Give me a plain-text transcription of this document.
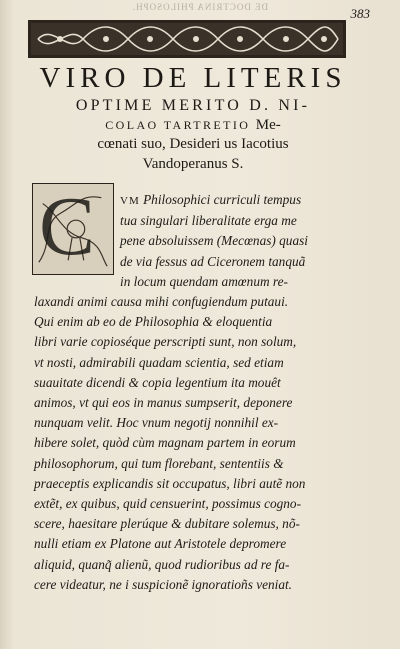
DE DOCTRINA PHILOSOPH.	383
VIRO DE LITERIS
OPTIME MERITO D. NI-
COLAO TARTRETIO Me-
cœnati suo, Desideri us Iacotius
Vandoperanus S.
C	VM Philosophici curriculi tempus
tua singulari liberalitate erga me
pene absoluissem (Mecœnas) quasi
de via fessus ad Ciceronem tanquã
in locum quendam amœnum re-
laxandi animi causa mihi confugiendum putaui.
Qui enim ab eo de Philosophia & eloquentia
libri varie copioséque perscripti sunt, non solum,
vt nosti, admirabili quadam scientia, sed etiam
suauitate dicendi & copia legentium ita mouêt
animos, vt qui eos in manus sumpserit, deponere
nunquam velit. Hoc vnum negotij nonnihil ex-
hibere solet, quòd cùm magnam partem in eorum
philosophorum, qui tum florebant, sententiis &
praeceptis explicandis sit occupatus, libri autẽ non
extẽt, ex quibus, quid censuerint, possimus cogno-
scere, haesitare plerúque & dubitare solemus, nõ-
nulli etiam ex Platone aut Aristotele depromere
aliquid, quanq̃ alienũ, quod rudioribus ad re fa-
cere videatur, ne i suspicionẽ ignoratioñs veniat.
